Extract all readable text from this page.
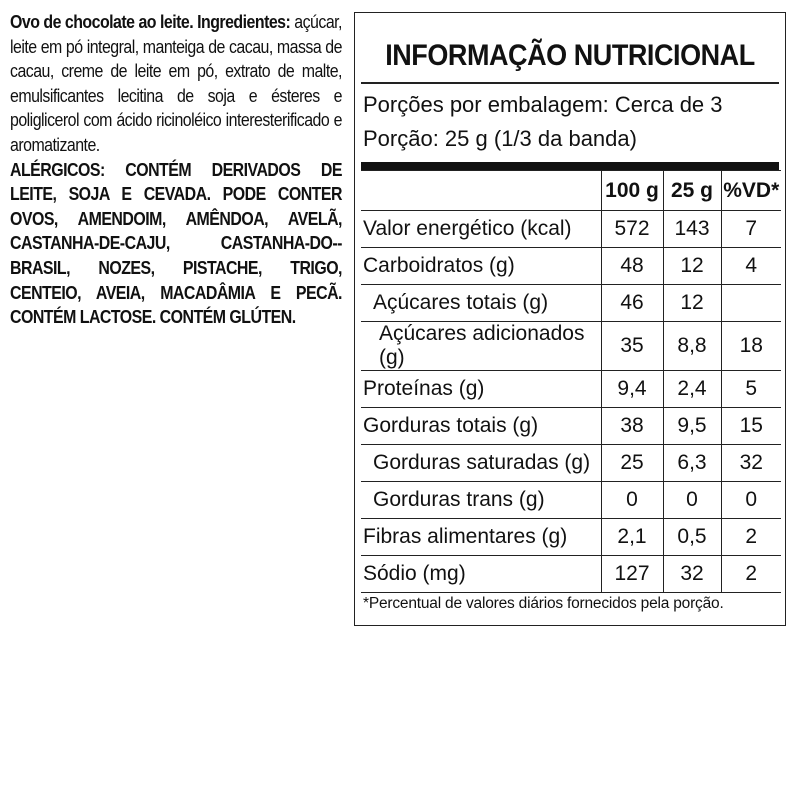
Ovo de chocolate ao leite. Ingredientes: açúcar, leite em pó integral, manteiga de cacau, massa de cacau, creme de leite em pó, extrato de malte, emulsificantes lecitina de soja e ésteres e poliglicerol com ácido ricinoléico interesterificado e aromatizante.
ALÉRGICOS: CONTÉM DERIVADOS DE LEITE, SOJA E CEVADA. PODE CONTER OVOS, AMENDOIM, AMÊNDOA, AVELÃ, CASTANHA-DE-CAJU, CASTANHA-DO--BRASIL, NOZES, PISTACHE, TRIGO, CENTEIO, AVEIA, MACADÂMIA E PECÃ. CONTÉM LACTOSE. CONTÉM GLÚTEN.
INFORMAÇÃO NUTRICIONAL
Porções por embalagem: Cerca de 3
Porção: 25 g (1/3 da banda)
	100 g	25 g	%VD*
Valor energético (kcal)	572	143	7
Carboidratos (g)	48	12	4
Açúcares totais (g)	46	12	
Açúcares adicionados (g)	35	8,8	18
Proteínas (g)	9,4	2,4	5
Gorduras totais (g)	38	9,5	15
Gorduras saturadas (g)	25	6,3	32
Gorduras trans (g)	0	0	0
Fibras alimentares (g)	2,1	0,5	2
Sódio (mg)	127	32	2
*Percentual de valores diários fornecidos pela porção.
